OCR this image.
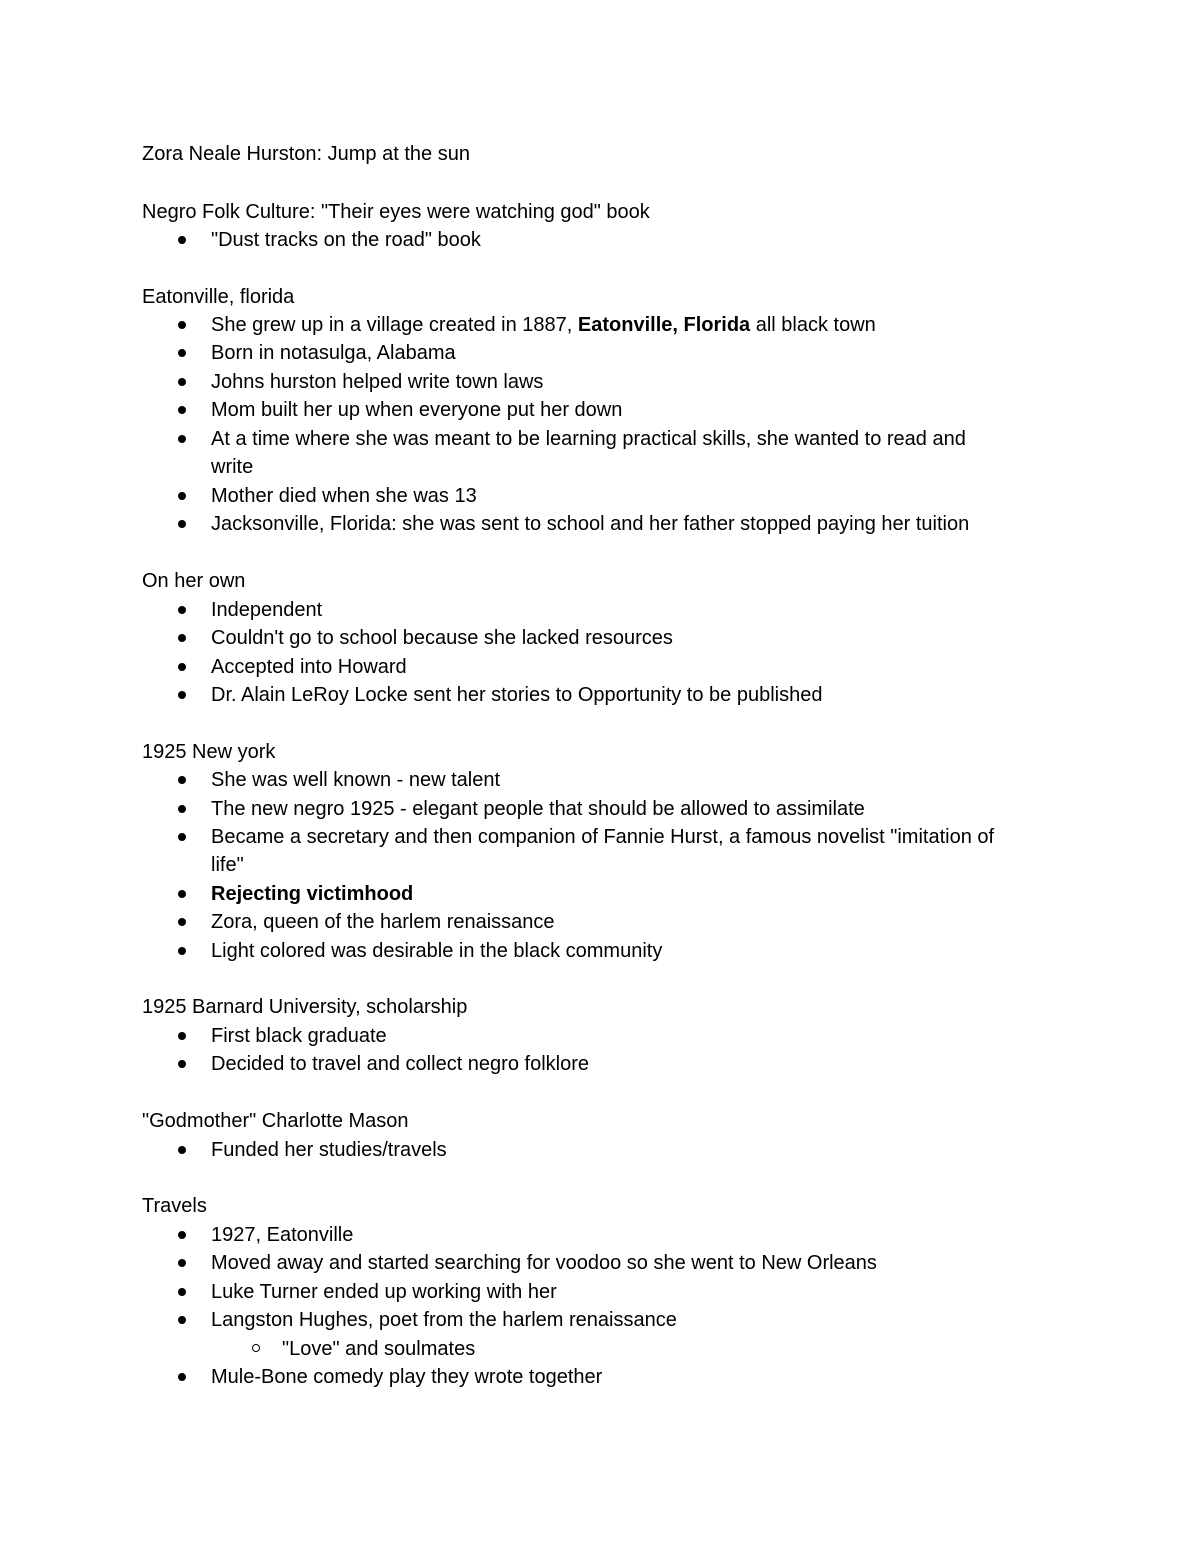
Zora Neale Hurston: Jump at the sun
Negro Folk Culture: "Their eyes were watching god" book
"Dust tracks on the road" book
Eatonville, florida
She grew up in a village created in 1887, Eatonville, Florida all black town
Born in notasulga, Alabama
Johns hurston helped write town laws
Mom built her up when everyone put her down
At a time where she was meant to be learning practical skills, she wanted to read and
write
Mother died when she was 13
Jacksonville, Florida: she was sent to school and her father stopped paying her tuition
On her own
Independent
Couldn't go to school because she lacked resources
Accepted into Howard
Dr. Alain LeRoy Locke sent her stories to Opportunity to be published
1925 New york
She was well known - new talent
The new negro 1925 - elegant people that should be allowed to assimilate
Became a secretary and then companion of Fannie Hurst, a famous novelist "imitation of
life"
Rejecting victimhood
Zora, queen of the harlem renaissance
Light colored was desirable in the black community
1925 Barnard University, scholarship
First black graduate
Decided to travel and collect negro folklore
"Godmother" Charlotte Mason
Funded her studies/travels
Travels
1927, Eatonville
Moved away and started searching for voodoo so she went to New Orleans
Luke Turner ended up working with her
Langston Hughes, poet from the harlem renaissance
"Love" and soulmates
Mule-Bone comedy play they wrote together
